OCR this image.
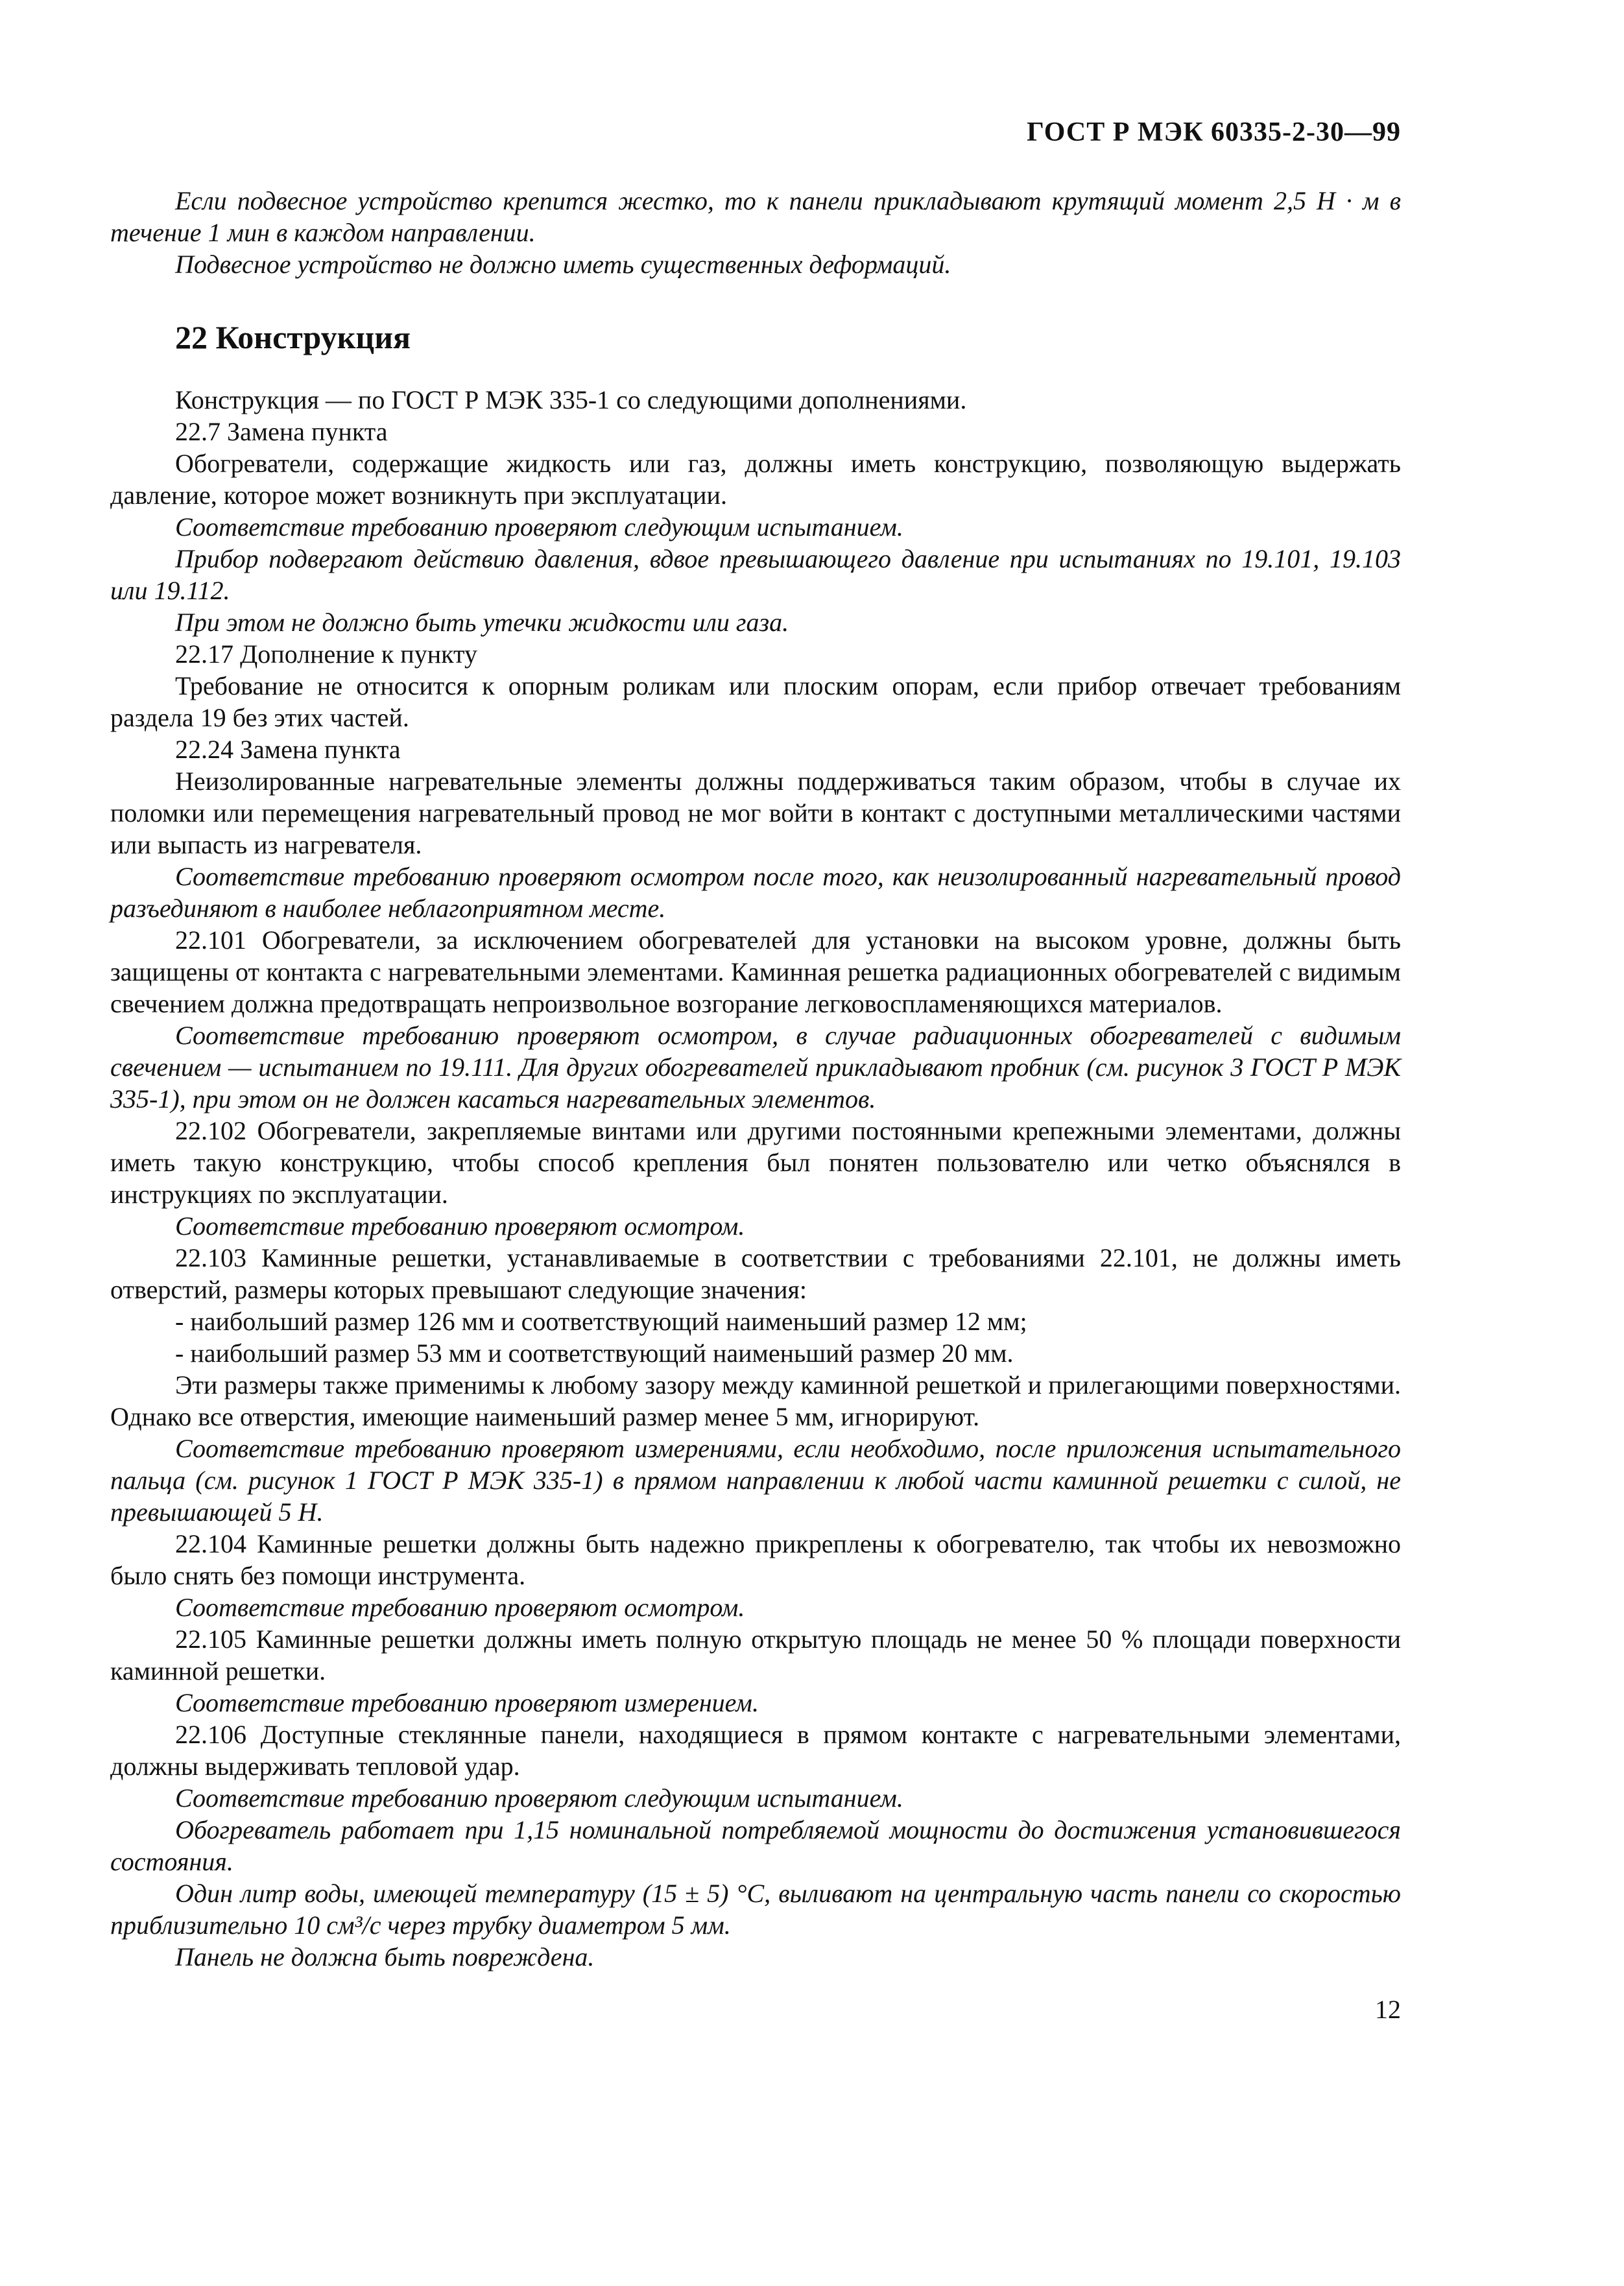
ГОСТ Р МЭК 60335-2-30—99

Если подвесное устройство крепится жестко, то к панели прикладывают крутящий момент 2,5 Н · м в течение 1 мин в каждом направлении.

Подвесное устройство не должно иметь существенных деформаций.

22 Конструкция

Конструкция — по ГОСТ Р МЭК 335-1 со следующими дополнениями.

22.7 Замена пункта

Обогреватели, содержащие жидкость или газ, должны иметь конструкцию, позволяющую выдержать давление, которое может возникнуть при эксплуатации.

Соответствие требованию проверяют следующим испытанием.

Прибор подвергают действию давления, вдвое превышающего давление при испытаниях по 19.101, 19.103 или 19.112.

При этом не должно быть утечки жидкости или газа.

22.17 Дополнение к пункту

Требование не относится к опорным роликам или плоским опорам, если прибор отвечает требованиям раздела 19 без этих частей.

22.24 Замена пункта

Неизолированные нагревательные элементы должны поддерживаться таким образом, чтобы в случае их поломки или перемещения нагревательный провод не мог войти в контакт с доступными металлическими частями или выпасть из нагревателя.

Соответствие требованию проверяют осмотром после того, как неизолированный нагревательный провод разъединяют в наиболее неблагоприятном месте.

22.101 Обогреватели, за исключением обогревателей для установки на высоком уровне, должны быть защищены от контакта с нагревательными элементами. Каминная решетка радиационных обогревателей с видимым свечением должна предотвращать непроизвольное возгорание легковоспламеняющихся материалов.

Соответствие требованию проверяют осмотром, в случае радиационных обогревателей с видимым свечением — испытанием по 19.111. Для других обогревателей прикладывают пробник (см. рисунок 3 ГОСТ Р МЭК 335-1), при этом он не должен касаться нагревательных элементов.

22.102 Обогреватели, закрепляемые винтами или другими постоянными крепежными элементами, должны иметь такую конструкцию, чтобы способ крепления был понятен пользователю или четко объяснялся в инструкциях по эксплуатации.

Соответствие требованию проверяют осмотром.

22.103 Каминные решетки, устанавливаемые в соответствии с требованиями 22.101, не должны иметь отверстий, размеры которых превышают следующие значения:

- наибольший размер 126 мм и соответствующий наименьший размер 12 мм;

- наибольший размер 53 мм и соответствующий наименьший размер 20 мм.

Эти размеры также применимы к любому зазору между каминной решеткой и прилегающими поверхностями. Однако все отверстия, имеющие наименьший размер менее 5 мм, игнорируют.

Соответствие требованию проверяют измерениями, если необходимо, после приложения испытательного пальца (см. рисунок 1 ГОСТ Р МЭК 335-1) в прямом направлении к любой части каминной решетки с силой, не превышающей 5 Н.

22.104 Каминные решетки должны быть надежно прикреплены к обогревателю, так чтобы их невозможно было снять без помощи инструмента.

Соответствие требованию проверяют осмотром.

22.105 Каминные решетки должны иметь полную открытую площадь не менее 50 % площади поверхности каминной решетки.

Соответствие требованию проверяют измерением.

22.106 Доступные стеклянные панели, находящиеся в прямом контакте с нагревательными элементами, должны выдерживать тепловой удар.

Соответствие требованию проверяют следующим испытанием.

Обогреватель работает при 1,15 номинальной потребляемой мощности до достижения установившегося состояния.

Один литр воды, имеющей температуру (15 ± 5) °С, выливают на центральную часть панели со скоростью приблизительно 10 см³/с через трубку диаметром 5 мм.

Панель не должна быть повреждена.

12
